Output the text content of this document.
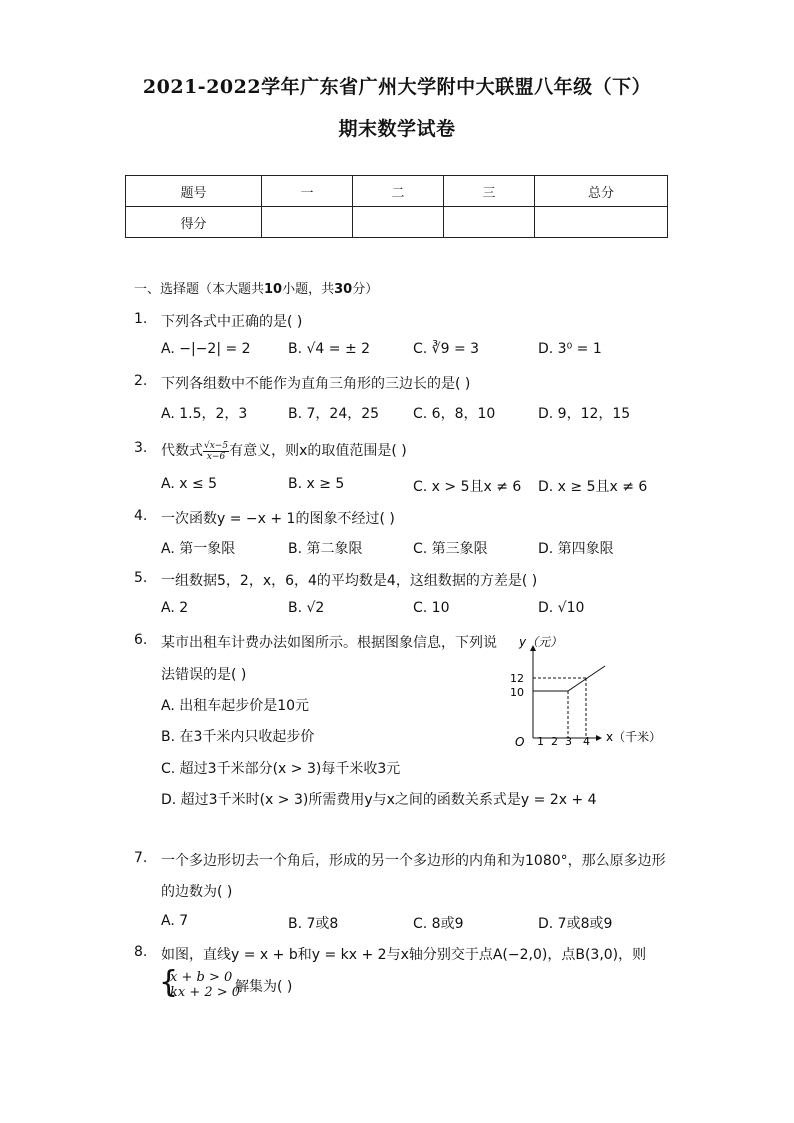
2021-2022学年广东省广州大学附中大联盟八年级（下）
期末数学试卷
题号	一	二	三	总分
得分				
一、选择题（本大题共10小题，共30分）
1. 下列各式中正确的是( )
A. −|−2| = 2	B. √4 = ± 2	C. ∛9 = 3	D. 3⁰ = 1
2. 下列各组数中不能作为直角三角形的三边长的是( )
A. 1.5，2，3	B. 7，24，25 C. 6，8，10	D. 9，12，15
3. 代数式 $\frac{√x-5}{x-6}$ 有意义，则x的取值范围是( )
A. x ≤ 5	B. x ≥ 5	C. x > 5且x ≠ 6 D. x ≥ 5且x ≠ 6
4. 一次函数y = −x + 1的图象不经过( )
A. 第一象限	B. 第二象限	C. 第三象限	D. 第四象限
5. 一组数据5，2，x，6，4的平均数是4，这组数据的方差是( )
A. 2	B. √2	C. 10	D. √10
6. 某市出租车计费办法如图所示。根据图象信息，下列说
法错误的是( )
A. 出租车起步价是10元
B. 在3千米内只收起步价
C. 超过3千米部分(x > 3)每千米收3元
D. 超过3千米时(x > 3)所需费用y与x之间的函数关系式是y = 2x + 4
y（元）
x（千米）
O
12
10
1 2 3 4
7. 一个多边形切去一个角后，形成的另一个多边形的内角和为1080°，那么原多边形
的边数为( )
A. 7	B. 7或8	C. 8或9	D. 7或8或9
8. 如图，直线y = x + b和y = kx + 2与x轴分别交于点A(−2,0)，点B(3,0)，则
{
x + b > 0
kx + 2 > 0
解集为( )
